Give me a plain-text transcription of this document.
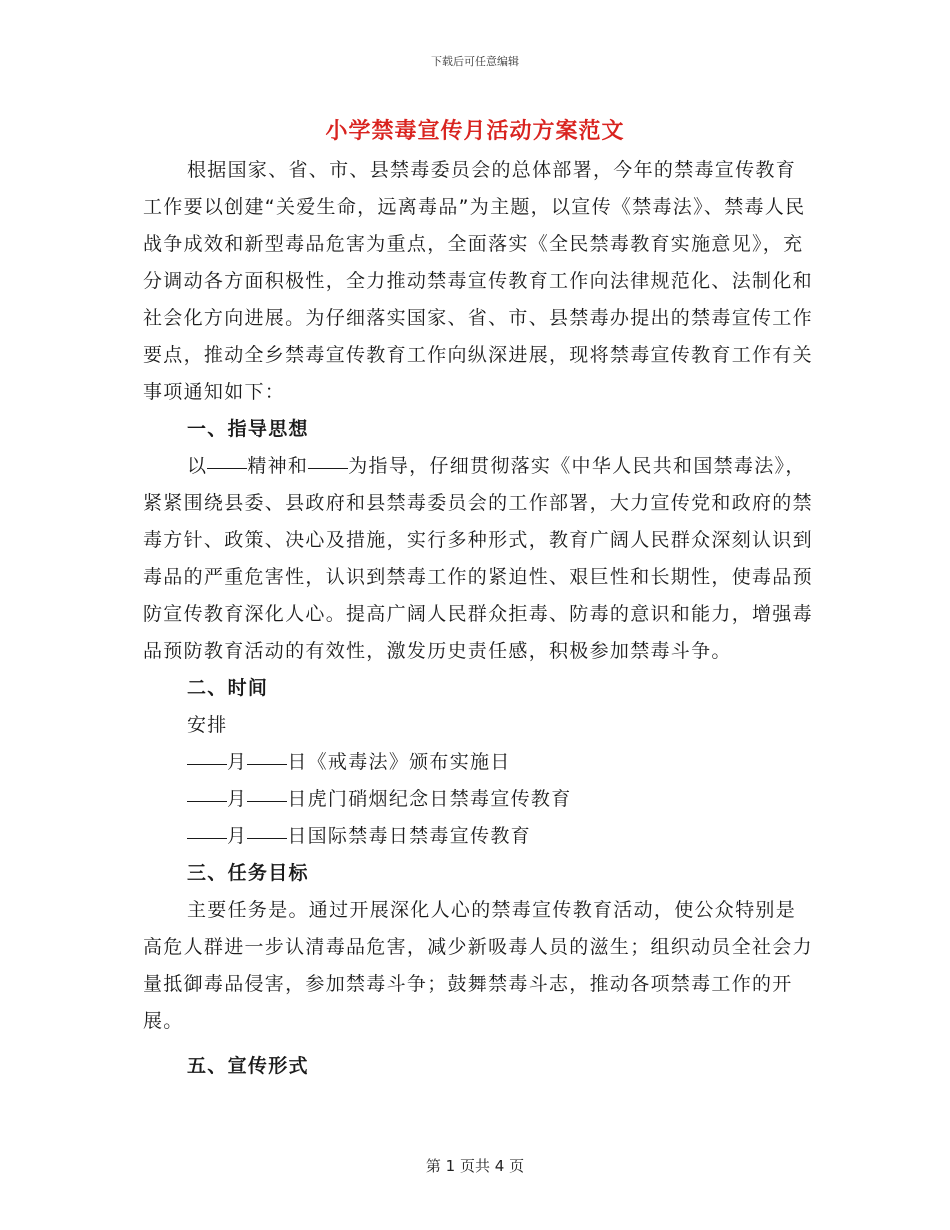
下载后可任意编辑
小学禁毒宣传月活动方案范文

根据国家、省、市、县禁毒委员会的总体部署，今年的禁毒宣传教育工作要以创建“关爱生命，远离毒品”为主题，以宣传《禁毒法》、禁毒人民战争成效和新型毒品危害为重点，全面落实《全民禁毒教育实施意见》，充分调动各方面积极性，全力推动禁毒宣传教育工作向法律规范化、法制化和社会化方向进展。为仔细落实国家、省、市、县禁毒办提出的禁毒宣传工作要点，推动全乡禁毒宣传教育工作向纵深进展，现将禁毒宣传教育工作有关事项通知如下：

一、指导思想

以 精神和 为指导，仔细贯彻落实《中华人民共和国禁毒法》，紧紧围绕县委、县政府和县禁毒委员会的工作部署，大力宣传党和政府的禁毒方针、政策、决心及措施，实行多种形式，教育广阔人民群众深刻认识到毒品的严重危害性，认识到禁毒工作的紧迫性、艰巨性和长期性，使毒品预防宣传教育深化人心。提高广阔人民群众拒毒、防毒的意识和能力，增强毒品预防教育活动的有效性，激发历史责任感，积极参加禁毒斗争。

二、时间

安排

月 日《戒毒法》颁布实施日

月 日虎门硝烟纪念日禁毒宣传教育

月 日国际禁毒日禁毒宣传教育

三、任务目标

主要任务是。通过开展深化人心的禁毒宣传教育活动，使公众特别是高危人群进一步认清毒品危害，减少新吸毒人员的滋生；组织动员全社会力量抵御毒品侵害，参加禁毒斗争；鼓舞禁毒斗志，推动各项禁毒工作的开展。

五、宣传形式

第 1 页共 4 页
